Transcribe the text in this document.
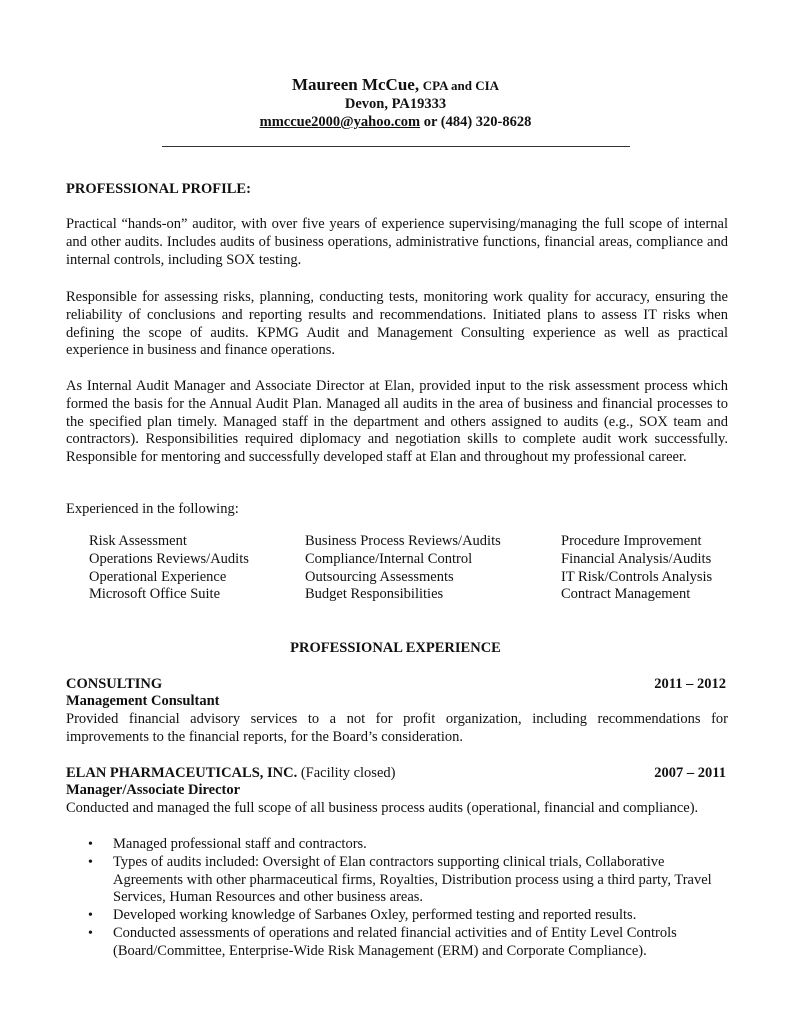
Maureen McCue, CPA and CIA
Devon, PA19333
mmccue2000@yahoo.com or (484) 320-8628
PROFESSIONAL PROFILE:

Practical “hands-on” auditor, with over five years of experience supervising/managing the full scope of internal and other audits. Includes audits of business operations, administrative functions, financial areas, compliance and internal controls, including SOX testing.

Responsible for assessing risks, planning, conducting tests, monitoring work quality for accuracy, ensuring the reliability of conclusions and reporting results and recommendations. Initiated plans to assess IT risks when defining the scope of audits. KPMG Audit and Management Consulting experience as well as practical experience in business and finance operations.

As Internal Audit Manager and Associate Director at Elan, provided input to the risk assessment process which formed the basis for the Annual Audit Plan. Managed all audits in the area of business and financial processes to the specified plan timely. Managed staff in the department and others assigned to audits (e.g., SOX team and contractors). Responsibilities required diplomacy and negotiation skills to complete audit work successfully. Responsible for mentoring and successfully developed staff at Elan and throughout my professional career.

Experienced in the following:
Risk Assessment
Operations Reviews/Audits
Operational Experience
Microsoft Office Suite
Business Process Reviews/Audits
Compliance/Internal Control
Outsourcing Assessments
Budget Responsibilities
Procedure Improvement
Financial Analysis/Audits
IT Risk/Controls Analysis
Contract Management
PROFESSIONAL EXPERIENCE
CONSULTING	2011 – 2012
Management Consultant

Provided financial advisory services to a not for profit organization, including recommendations for improvements to the financial reports, for the Board’s consideration.

ELAN PHARMACEUTICALS, INC. (Facility closed)	2007 – 2011
Manager/Associate Director

Conducted and managed the full scope of all business process audits (operational, financial and compliance).

• Managed professional staff and contractors.
• Types of audits included: Oversight of Elan contractors supporting clinical trials, Collaborative Agreements with other pharmaceutical firms, Royalties, Distribution process using a third party, Travel Services, Human Resources and other business areas.
• Developed working knowledge of Sarbanes Oxley, performed testing and reported results.
• Conducted assessments of operations and related financial activities and of Entity Level Controls (Board/Committee, Enterprise-Wide Risk Management (ERM) and Corporate Compliance).
